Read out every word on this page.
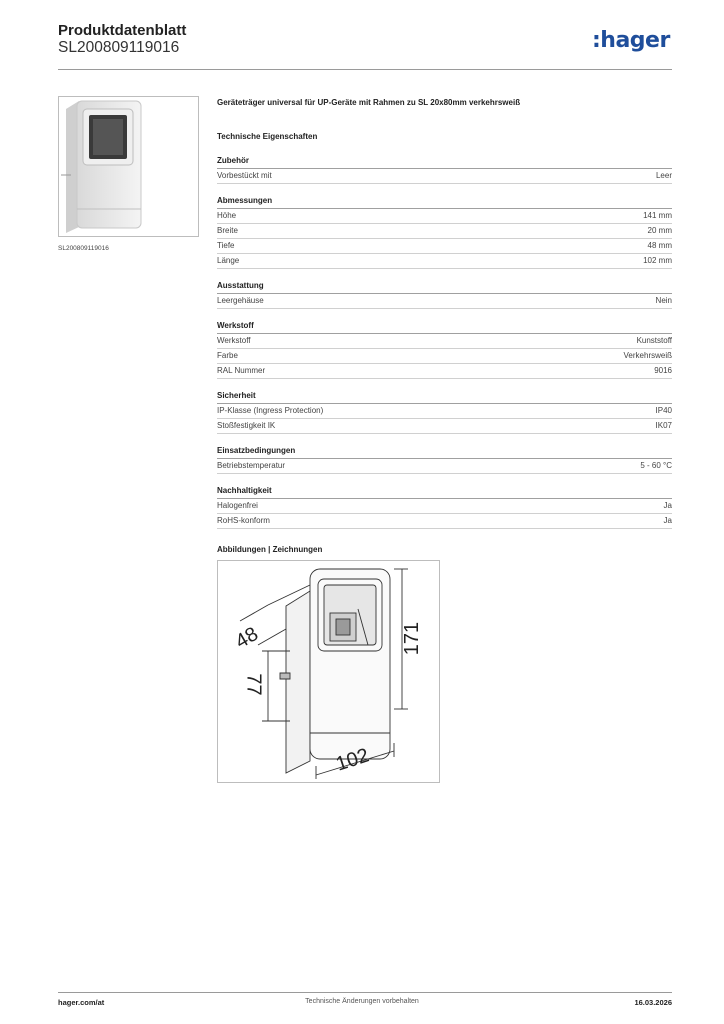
Produktdatenblatt
SL200809119016	:hager
SL200809119016
Geräteträger universal für UP-Geräte mit Rahmen zu SL 20x80mm verkehrsweiß
Technische Eigenschaften
Zubehör
Vorbestückt mit	Leer
Abmessungen
Höhe	141 mm
Breite	20 mm
Tiefe	48 mm
Länge	102 mm
Ausstattung
Leergehäuse	Nein
Werkstoff
Werkstoff	Kunststoff
Farbe	Verkehrsweiß
RAL Nummer	9016
Sicherheit
IP-Klasse (Ingress Protection)	IP40
Stoßfestigkeit IK	IK07
Einsatzbedingungen
Betriebstemperatur	5 - 60 °C
Nachhaltigkeit
Halogenfrei	Ja
RoHS-konform	Ja
Abbildungen | Zeichnungen
48	171
77
102
hager.com/at	Technische Änderungen vorbehalten	16.03.2026
